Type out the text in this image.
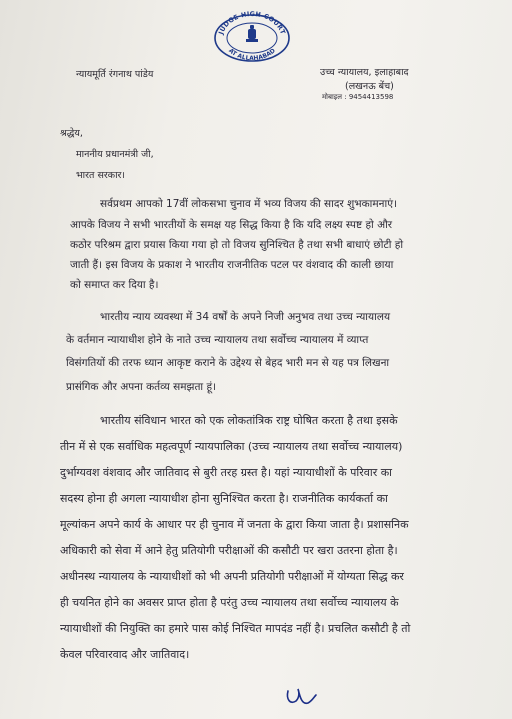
JUDGE HIGH COURT
AT ALLAHABAD
न्यायमूर्ति रंगनाथ पांडेय	उच्च न्यायालय, इलाहाबाद
(लखनऊ बेंच)
मोबाइल : 9454413598
श्रद्धेय,
माननीय प्रधानमंत्री जी,
भारत सरकार।
सर्वप्रथम आपको 17वीं लोकसभा चुनाव में भव्य विजय की सादर शुभकामनाएं।
आपके विजय ने सभी भारतीयों के समक्ष यह सिद्ध किया है कि यदि लक्ष्य स्पष्ट हो और
कठोर परिश्रम द्वारा प्रयास किया गया हो तो विजय सुनिश्चित है तथा सभी बाधाएं छोटी हो
जाती हैं। इस विजय के प्रकाश ने भारतीय राजनीतिक पटल पर वंशवाद की काली छाया
को समाप्त कर दिया है।
भारतीय न्याय व्यवस्था में 34 वर्षों के अपने निजी अनुभव तथा उच्च न्यायालय
के वर्तमान न्यायाधीश होने के नाते उच्च न्यायालय तथा सर्वोच्च न्यायालय में व्याप्त
विसंगतियों की तरफ ध्यान आकृष्ट कराने के उद्देश्य से बेहद भारी मन से यह पत्र लिखना
प्रासंगिक और अपना कर्तव्य समझता हूं।
भारतीय संविधान भारत को एक लोकतांत्रिक राष्ट्र घोषित करता है तथा इसके
तीन में से एक सर्वाधिक महत्वपूर्ण न्यायपालिका (उच्च न्यायालय तथा सर्वोच्च न्यायालय)
दुर्भाग्यवश वंशवाद और जातिवाद से बुरी तरह ग्रस्त है। यहां न्यायाधीशों के परिवार का
सदस्य होना ही अगला न्यायाधीश होना सुनिश्चित करता है। राजनीतिक कार्यकर्ता का
मूल्यांकन अपने कार्य के आधार पर ही चुनाव में जनता के द्वारा किया जाता है। प्रशासनिक
अधिकारी को सेवा में आने हेतु प्रतियोगी परीक्षाओं की कसौटी पर खरा उतरना होता है।
अधीनस्थ न्यायालय के न्यायाधीशों को भी अपनी प्रतियोगी परीक्षाओं में योग्यता सिद्ध कर
ही चयनित होने का अवसर प्राप्त होता है परंतु उच्च न्यायालय तथा सर्वोच्च न्यायालय के
न्यायाधीशों की नियुक्ति का हमारे पास कोई निश्चित मापदंड नहीं है। प्रचलित कसौटी है तो
केवल परिवारवाद और जातिवाद।
